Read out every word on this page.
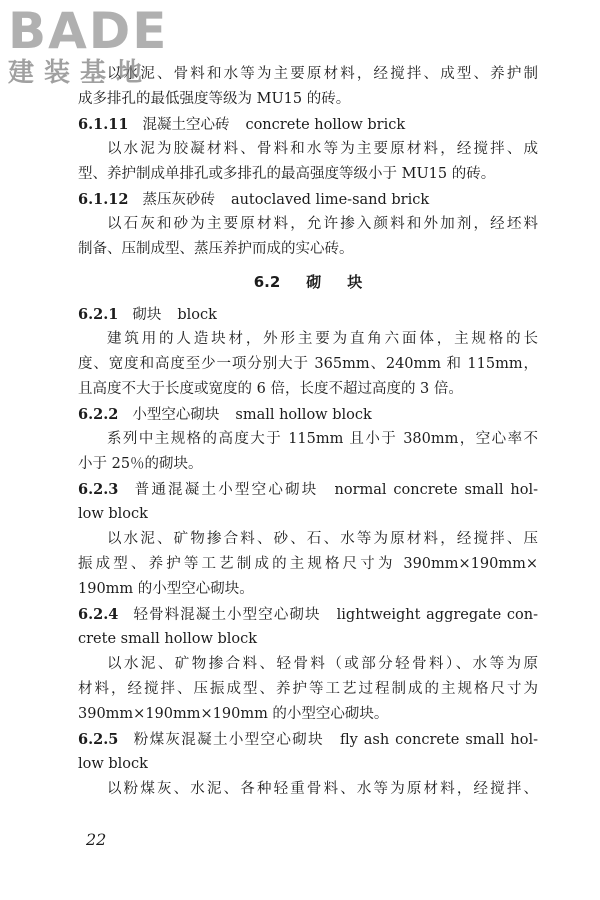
BADE
建装基地
以水泥、骨料和水等为主要原材料，经搅拌、成型、养护制
成多排孔的最低强度等级为 MU15 的砖。
6.1.11 混凝土空心砖 concrete hollow brick
以水泥为胶凝材料、骨料和水等为主要原材料，经搅拌、成
型、养护制成单排孔或多排孔的最高强度等级小于 MU15 的砖。
6.1.12 蒸压灰砂砖 autoclaved lime-sand brick
以石灰和砂为主要原材料，允许掺入颜料和外加剂，经坯料
制备、压制成型、蒸压养护而成的实心砖。
6.2 砌 块
6.2.1 砌块 block
建筑用的人造块材，外形主要为直角六面体，主规格的长
度、宽度和高度至少一项分别大于 365mm、240mm 和 115mm，
且高度不大于长度或宽度的 6 倍，长度不超过高度的 3 倍。
6.2.2 小型空心砌块 small hollow block
系列中主规格的高度大于 115mm 且小于 380mm，空心率不
小于 25％的砌块。
6.2.3 普通混凝土小型空心砌块 normal concrete small hol-
low block
以水泥、矿物掺合料、砂、石、水等为原材料，经搅拌、压
振成型、养护等工艺制成的主规格尺寸为 390mm×190mm×
190mm 的小型空心砌块。
6.2.4 轻骨料混凝土小型空心砌块 lightweight aggregate con-
crete small hollow block
以水泥、矿物掺合料、轻骨料（或部分轻骨料）、水等为原
材料，经搅拌、压振成型、养护等工艺过程制成的主规格尺寸为
390mm×190mm×190mm 的小型空心砌块。
6.2.5 粉煤灰混凝土小型空心砌块 fly ash concrete small hol-
low block
以粉煤灰、水泥、各种轻重骨料、水等为原材料，经搅拌、
22
